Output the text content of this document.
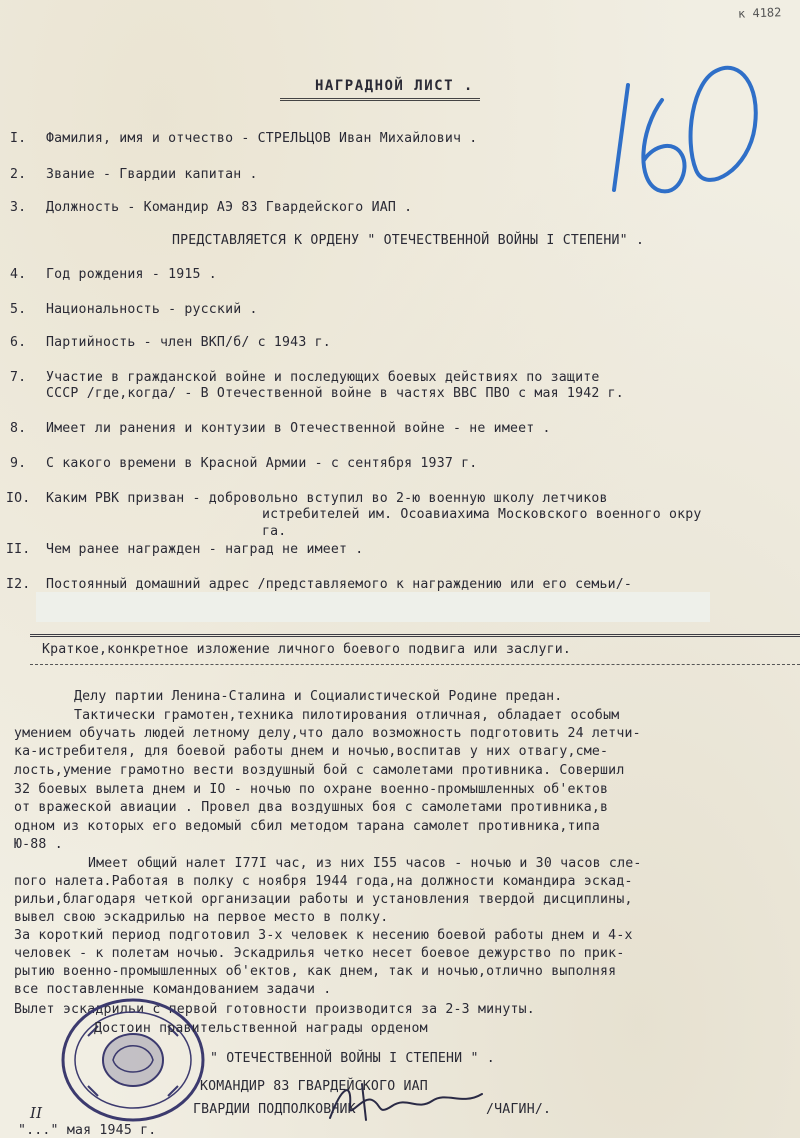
к 4182
160
НАГРАДНОЙ ЛИСТ .
I. Фамилия, имя и отчество - СТРЕЛЬЦОВ Иван Михайлович .
2. Звание - Гвардии капитан .
3. Должность - Командир АЭ 83 Гвардейского ИАП .
ПРЕДСТАВЛЯЕТСЯ К ОРДЕНУ " ОТЕЧЕСТВЕННОЙ ВОЙНЫ I СТЕПЕНИ" .
4. Год рождения - 1915 .
5. Национальность - русский .
6. Партийность - член ВКП/б/ с 1943 г.
7. Участие в гражданской войне и последующих боевых действиях по защите
СССР /где,когда/ - В Отечественной войне в частях ВВС ПВО с мая 1942 г.
8. Имеет ли ранения и контузии в Отечественной войне - не имеет .
9. С какого времени в Красной Армии - с сентября 1937 г.
IO. Каким РВК призван - добровольно вступил во 2-ю военную школу летчиков
истребителей им. Осоавиахима Московского военного окру
га.
II. Чем ранее награжден - наград не имеет .
I2. Постоянный домашний адрес /представляемого к награждению или его семьи/-
Краткое,конкретное изложение личного боевого подвига или заслуги.
Делу партии Ленина-Сталина и Социалистической Родине предан.
Тактически грамотен,техника пилотирования отличная, обладает особым
умением обучать людей летному делу,что дало возможность подготовить 24 летчи-
ка-истребителя, для боевой работы днем и ночью,воспитав у них отвагу,сме-
лость,умение грамотно вести воздушный бой с самолетами противника. Совершил
32 боевых вылета днем и IO - ночью по охране военно-промышленных об'ектов
от вражеской авиации . Провел два воздушных боя с самолетами противника,в
одном из которых его ведомый сбил методом тарана самолет противника,типа
Ю-88 .
Имеет общий налет I77I час, из них I55 часов - ночью и 30 часов сле-
пого налета.Работая в полку с ноября 1944 года,на должности командира эскад-
рильи,благодаря четкой организации работы и установления твердой дисциплины,
вывел свою эскадрилью на первое место в полку.
За короткий период подготовил 3-х человек к несению боевой работы днем и 4-х
человек - к полетам ночью. Эскадрилья четко несет боевое дежурство по прик-
рытию военно-промышленных об'ектов, как днем, так и ночью,отлично выполняя
все поставленные командованием задачи .
Вылет эскадрильи с первой готовности производится за 2-3 минуты.
Достоин правительственной награды орденом
" ОТЕЧЕСТВЕННОЙ ВОЙНЫ I СТЕПЕНИ " .
КОМАНДИР 83 ГВАРДЕЙСКОГО ИАП
ГВАРДИИ ПОДПОЛКОВНИК	/ЧАГИН/.
"..." мая 1945 г.
II
